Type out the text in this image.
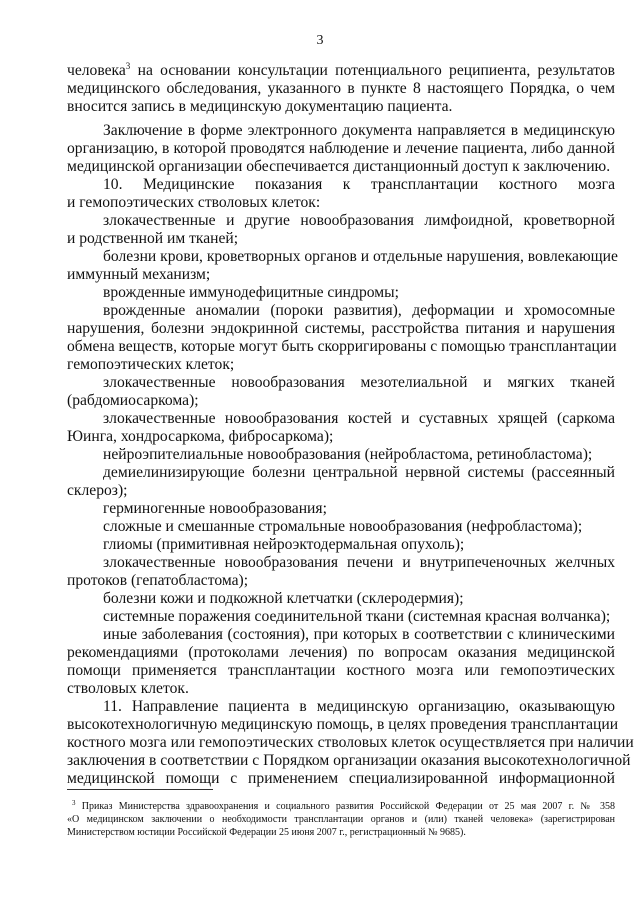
3
человека$^3$ на основании консультации потенциального реципиента, результатов
медицинского обследования, указанного в пункте 8 настоящего Порядка, о чем
вносится запись в медицинскую документацию пациента.
Заключение в форме электронного документа направляется в медицинскую
организацию, в которой проводятся наблюдение и лечение пациента, либо данной
медицинской организации обеспечивается дистанционный доступ к заключению.
10. Медицинские показания к трансплантации костного мозга
и гемопоэтических стволовых клеток:
злокачественные и другие новообразования лимфоидной, кроветворной
и родственной им тканей;
болезни крови, кроветворных органов и отдельные нарушения, вовлекающие
иммунный механизм;
врожденные иммунодефицитные синдромы;
врожденные аномалии (пороки развития), деформации и хромосомные
нарушения, болезни эндокринной системы, расстройства питания и нарушения
обмена веществ, которые могут быть скорригированы с помощью трансплантации
гемопоэтических клеток;
злокачественные новообразования мезотелиальной и мягких тканей
(рабдомиосаркома);
злокачественные новообразования костей и суставных хрящей (саркома
Юинга, хондросаркома, фибросаркома);
нейроэпителиальные новообразования (нейробластома, ретинобластома);
демиелинизирующие болезни центральной нервной системы (рассеянный
склероз);
герминогенные новообразования;
сложные и смешанные стромальные новообразования (нефробластома);
глиомы (примитивная нейроэктодермальная опухоль);
злокачественные новообразования печени и внутрипеченочных желчных
протоков (гепатобластома);
болезни кожи и подкожной клетчатки (склеродермия);
системные поражения соединительной ткани (системная красная волчанка);
иные заболевания (состояния), при которых в соответствии с клиническими
рекомендациями (протоколами лечения) по вопросам оказания медицинской
помощи применяется трансплантации костного мозга или гемопоэтических
стволовых клеток.
11. Направление пациента в медицинскую организацию, оказывающую
высокотехнологичную медицинскую помощь, в целях проведения трансплантации
костного мозга или гемопоэтических стволовых клеток осуществляется при наличии
заключения в соответствии с Порядком организации оказания высокотехнологичной
медицинской помощи с применением специализированной информационной
$^3$ Приказ Министерства здравоохранения и социального развития Российской Федерации от 25 мая 2007 г. № 358
«О медицинском заключении о необходимости трансплантации органов и (или) тканей человека» (зарегистрирован
Министерством юстиции Российской Федерации 25 июня 2007 г., регистрационный № 9685).
